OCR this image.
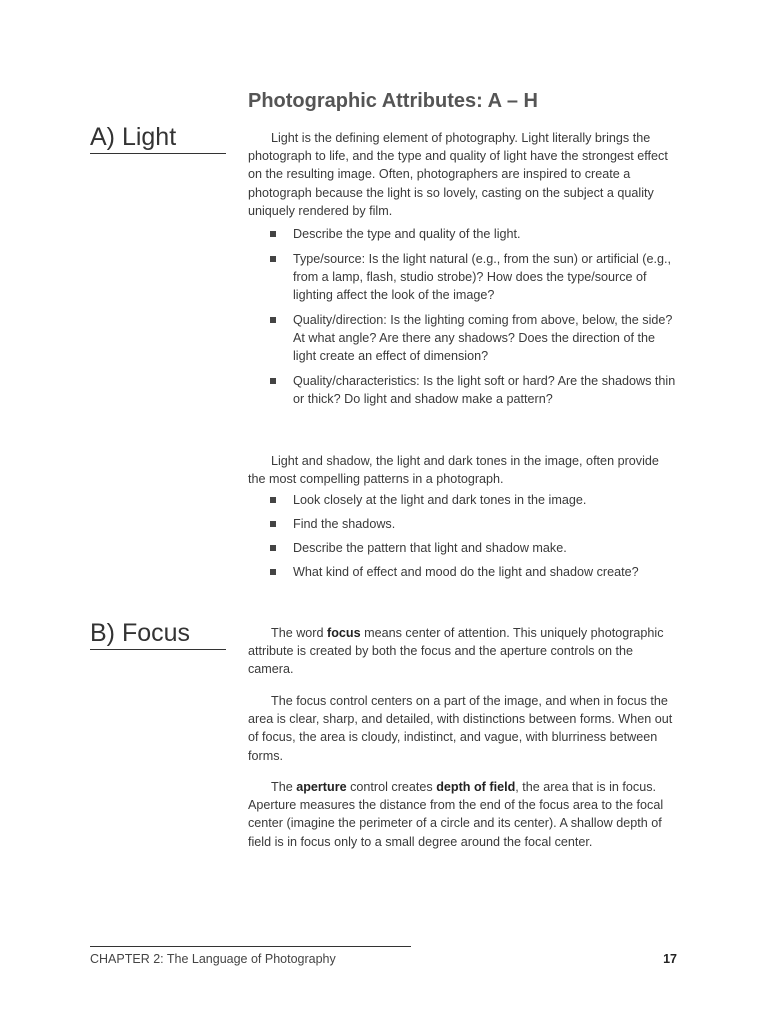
Photographic Attributes: A – H
A) Light	Light is the defining element of photography. Light literally brings the photograph to life, and the type and quality of light have the strongest effect on the resulting image. Often, photographers are inspired to create a photograph because the light is so lovely, casting on the subject a quality uniquely rendered by film.

Describe the type and quality of the light.
Type/source: Is the light natural (e.g., from the sun) or artificial (e.g., from a lamp, flash, studio strobe)? How does the type/source of lighting affect the look of the image?
Quality/direction: Is the lighting coming from above, below, the side? At what angle? Are there any shadows? Does the direction of the light create an effect of dimension?
Quality/characteristics: Is the light soft or hard? Are the shadows thin or thick? Do light and shadow make a pattern?

Light and shadow, the light and dark tones in the image, often provide the most compelling patterns in a photograph.

Look closely at the light and dark tones in the image.
Find the shadows.
Describe the pattern that light and shadow make.
What kind of effect and mood do the light and shadow create?
B) Focus	The word focus means center of attention. This uniquely photographic attribute is created by both the focus and the aperture controls on the camera.

The focus control centers on a part of the image, and when in focus the area is clear, sharp, and detailed, with distinctions between forms. When out of focus, the area is cloudy, indistinct, and vague, with blurriness between forms.

The aperture control creates depth of field, the area that is in focus. Aperture measures the distance from the end of the focus area to the focal center (imagine the perimeter of a circle and its center). A shallow depth of field is in focus only to a small degree around the focal center.

CHAPTER 2: The Language of Photography	17
